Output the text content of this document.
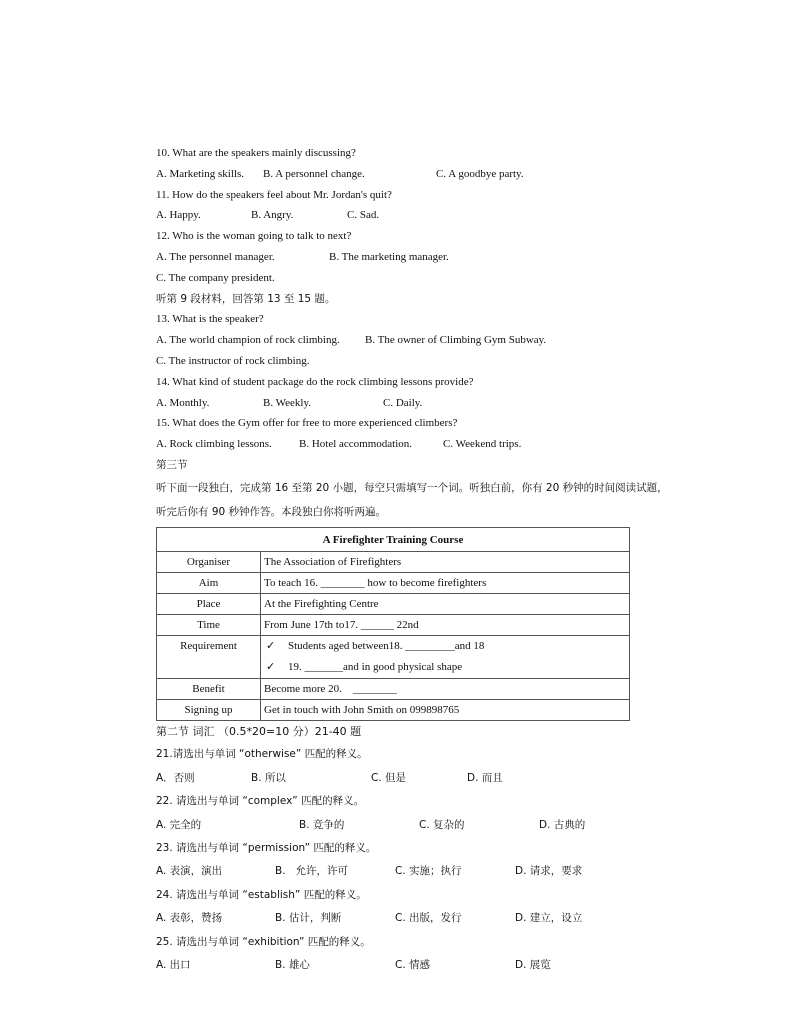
10. What are the speakers mainly discussing?
A. Marketing skills. B. A personnel change.	C. A goodbye party.
11. How do the speakers feel about Mr. Jordan's quit?
A. Happy.	B. Angry.	C. Sad.
12. Who is the woman going to talk to next?
A. The personnel manager.	B. The marketing manager.
C. The company president.
听第 9 段材料，回答第 13 至 15 题。
13. What is the speaker?
A. The world champion of rock climbing. B. The owner of Climbing Gym Subway.
C. The instructor of rock climbing.
14. What kind of student package do the rock climbing lessons provide?
A. Monthly.	B. Weekly.	C. Daily.
15. What does the Gym offer for free to more experienced climbers?
A. Rock climbing lessons. B. Hotel accommodation.	C. Weekend trips.
第三节
听下面一段独白，完成第 16 至第 20 小题，每空只需填写一个词。听独白前，你有 20 秒钟的时间阅读试题，
听完后你有 90 秒钟作答。本段独白你将听两遍。
A Firefighter Training Course	
Organiser	The Association of Firefighters
Aim	To teach 16. ________ how to become firefighters
Place	At the Firefighting Centre
Time	From June 17th to17. ______ 22nd
Requirement	✓ Students aged between18. _________and 18
✓ 19. _______and in good physical shape

Benefit	Become more 20.    ________
Signing up	Get in touch with John Smith on 099898765
第二节 词汇 （0.5*20=10 分）21-40 题
21.请选出与单词 “otherwise” 匹配的释义。
A．否则	B. 所以	C. 但是	D. 而且
22. 请选出与单词 “complex” 匹配的释义。
A. 完全的	B. 竞争的	C. 复杂的	D. 古典的
23. 请选出与单词 “permission” 匹配的释义。
A. 表演，演出	B.   允许，许可	C. 实施；执行	D. 请求，要求
24. 请选出与单词 “establish” 匹配的释义。
A. 表彰，赞扬	B. 估计，判断	C. 出版，发行	D. 建立，设立
25. 请选出与单词 “exhibition” 匹配的释义。
A. 出口	B. 雄心	C. 情感	D. 展览
